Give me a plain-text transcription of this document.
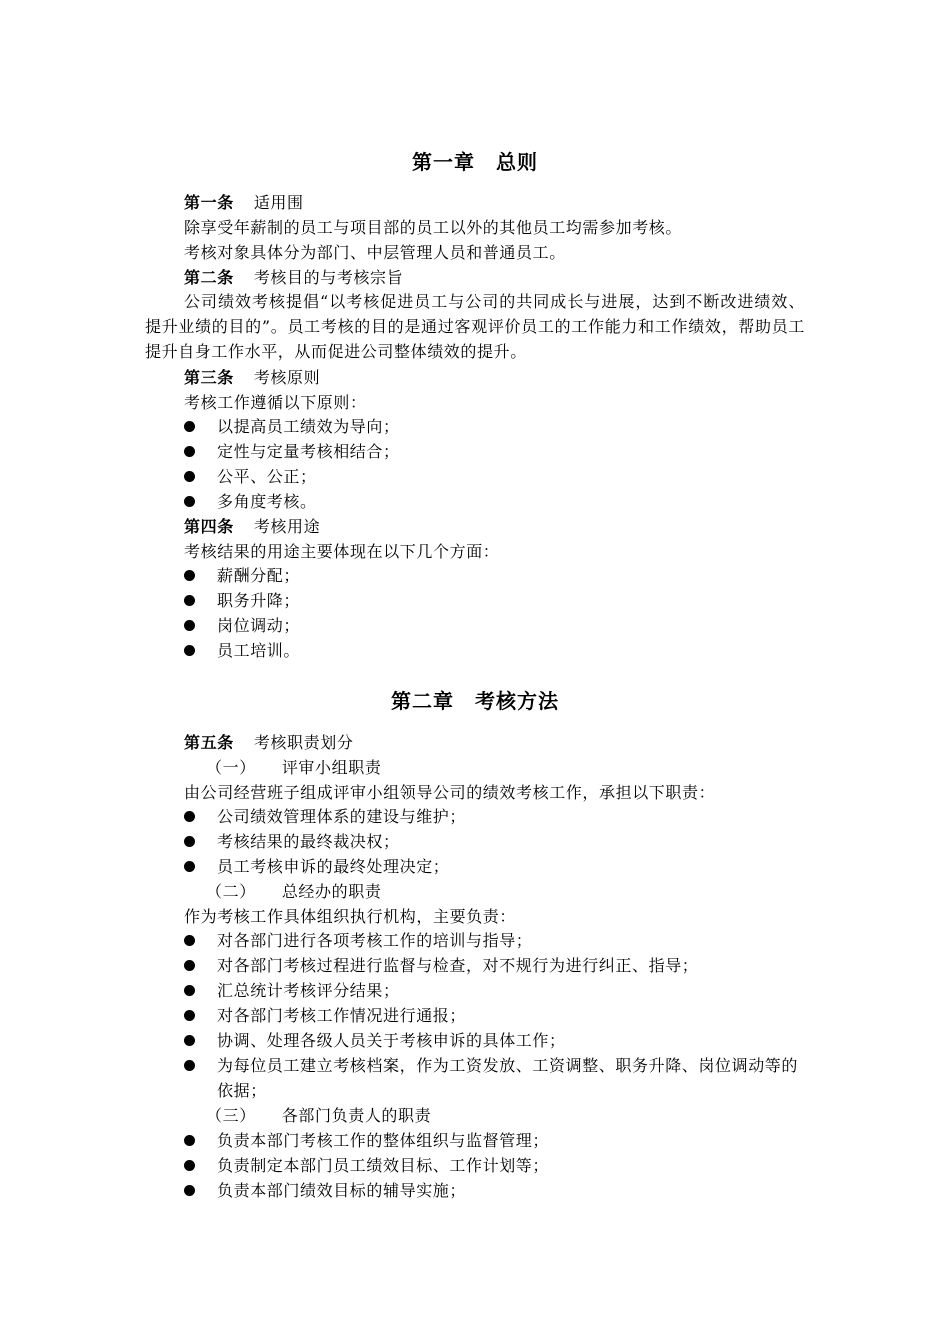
第一章　总则
第一条 适用围
除享受年薪制的员工与项目部的员工以外的其他员工均需参加考核。
考核对象具体分为部门、中层管理人员和普通员工。
第二条 考核目的与考核宗旨
公司绩效考核提倡“以考核促进员工与公司的共同成长与进展，达到不断改进绩效、提升业绩的目的”。员工考核的目的是通过客观评价员工的工作能力和工作绩效，帮助员工提升自身工作水平，从而促进公司整体绩效的提升。
第三条 考核原则
考核工作遵循以下原则：
以提高员工绩效为导向；
定性与定量考核相结合；
公平、公正；
多角度考核。
第四条 考核用途
考核结果的用途主要体现在以下几个方面：
薪酬分配；
职务升降；
岗位调动；
员工培训。
第二章　考核方法
第五条 考核职责划分
（一） 评审小组职责
由公司经营班子组成评审小组领导公司的绩效考核工作，承担以下职责：
公司绩效管理体系的建设与维护；
考核结果的最终裁决权；
员工考核申诉的最终处理决定；
（二） 总经办的职责
作为考核工作具体组织执行机构，主要负责：
对各部门进行各项考核工作的培训与指导；
对各部门考核过程进行监督与检查，对不规行为进行纠正、指导；
汇总统计考核评分结果；
对各部门考核工作情况进行通报；
协调、处理各级人员关于考核申诉的具体工作；
为每位员工建立考核档案，作为工资发放、工资调整、职务升降、岗位调动等的依据；
（三） 各部门负责人的职责
负责本部门考核工作的整体组织与监督管理；
负责制定本部门员工绩效目标、工作计划等；
负责本部门绩效目标的辅导实施；
